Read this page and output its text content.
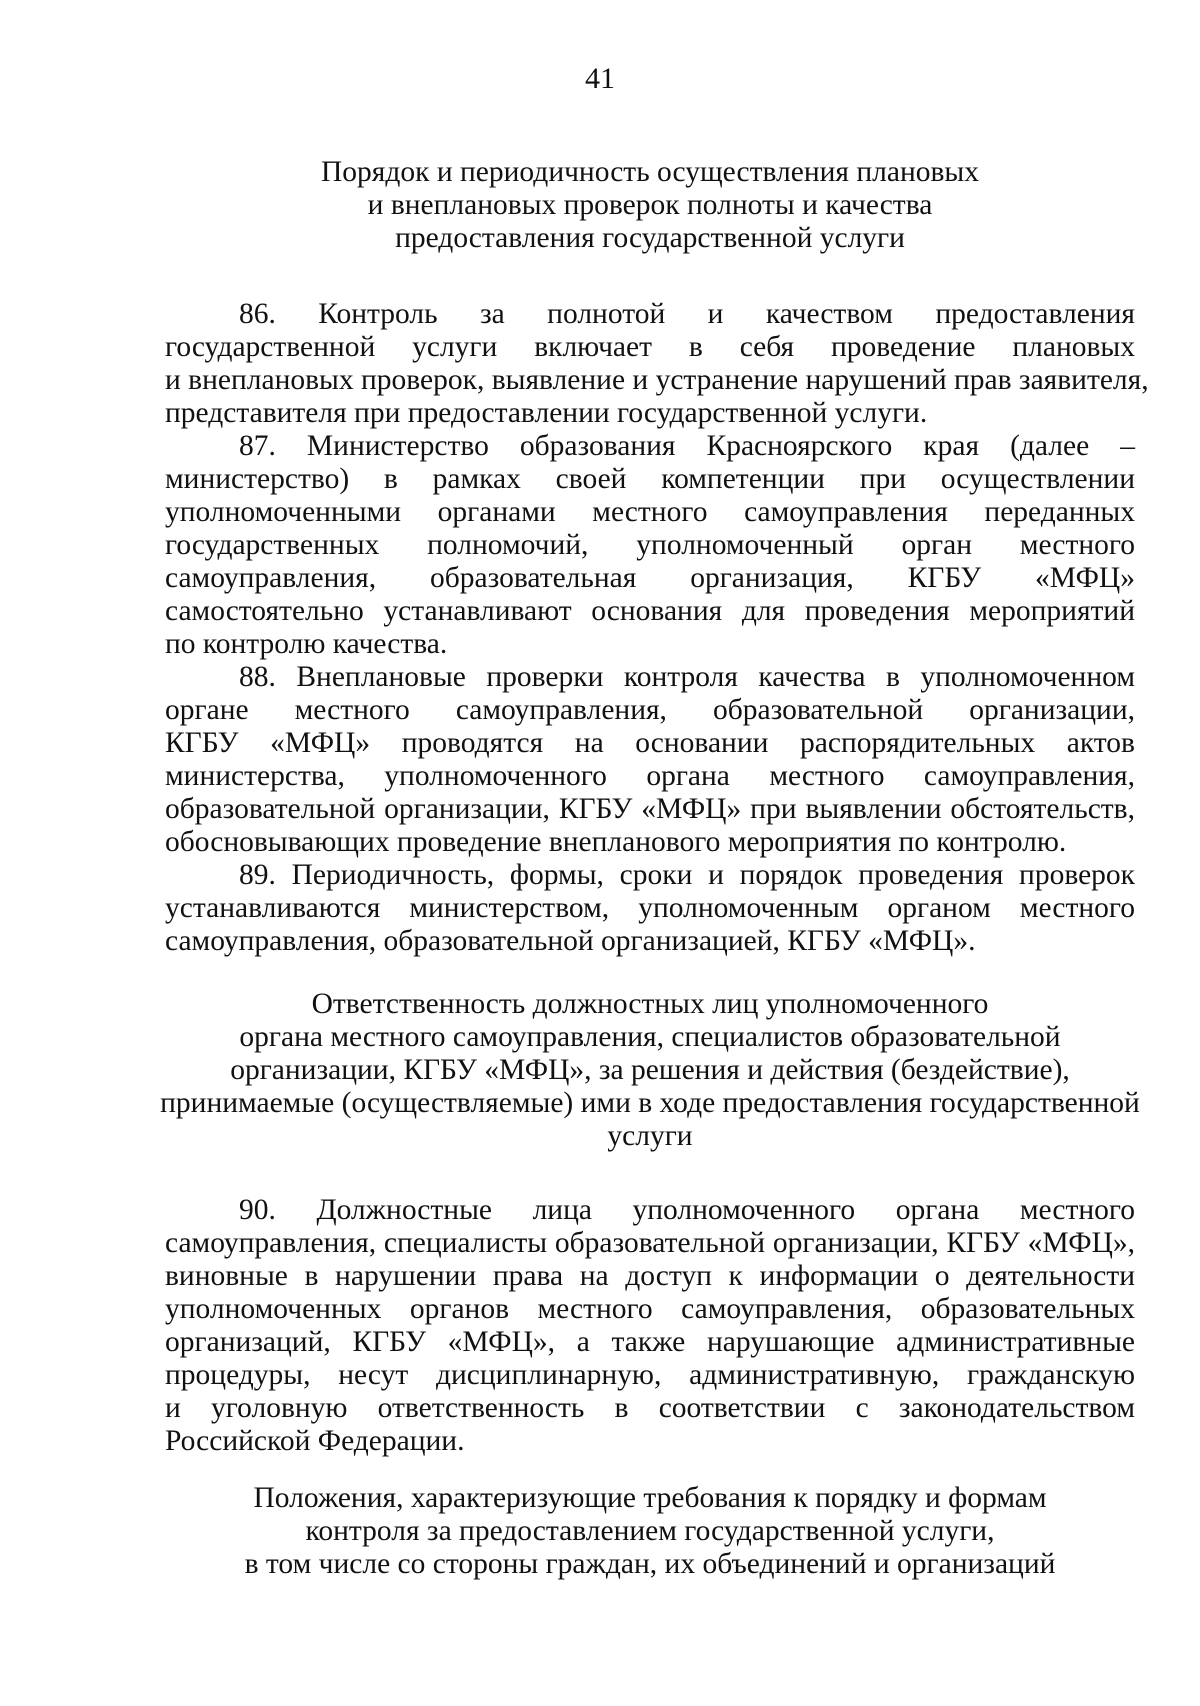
41
Порядок и периодичность осуществления плановых
и внеплановых проверок полноты и качества
предоставления государственной услуги
86. Контроль за полнотой и качеством предоставления
государственной услуги включает в себя проведение плановых
и внеплановых проверок, выявление и устранение нарушений прав заявителя,
представителя при предоставлении государственной услуги.
87. Министерство образования Красноярского края (далее –
министерство) в рамках своей компетенции при осуществлении
уполномоченными органами местного самоуправления переданных
государственных полномочий, уполномоченный орган местного
самоуправления, образовательная организация, КГБУ «МФЦ»
самостоятельно устанавливают основания для проведения мероприятий
по контролю качества.
88. Внеплановые проверки контроля качества в уполномоченном
органе местного самоуправления, образовательной организации,
КГБУ «МФЦ» проводятся на основании распорядительных актов
министерства, уполномоченного органа местного самоуправления,
образовательной организации, КГБУ «МФЦ» при выявлении обстоятельств,
обосновывающих проведение внепланового мероприятия по контролю.
89. Периодичность, формы, сроки и порядок проведения проверок
устанавливаются министерством, уполномоченным органом местного
самоуправления, образовательной организацией, КГБУ «МФЦ».
Ответственность должностных лиц уполномоченного
органа местного самоуправления, специалистов образовательной
организации, КГБУ «МФЦ», за решения и действия (бездействие),
принимаемые (осуществляемые) ими в ходе предоставления государственной
услуги
90. Должностные лица уполномоченного органа местного
самоуправления, специалисты образовательной организации, КГБУ «МФЦ»,
виновные в нарушении права на доступ к информации о деятельности
уполномоченных органов местного самоуправления, образовательных
организаций, КГБУ «МФЦ», а также нарушающие административные
процедуры, несут дисциплинарную, административную, гражданскую
и уголовную ответственность в соответствии с законодательством
Российской Федерации.
Положения, характеризующие требования к порядку и формам
контроля за предоставлением государственной услуги,
в том числе со стороны граждан, их объединений и организаций
